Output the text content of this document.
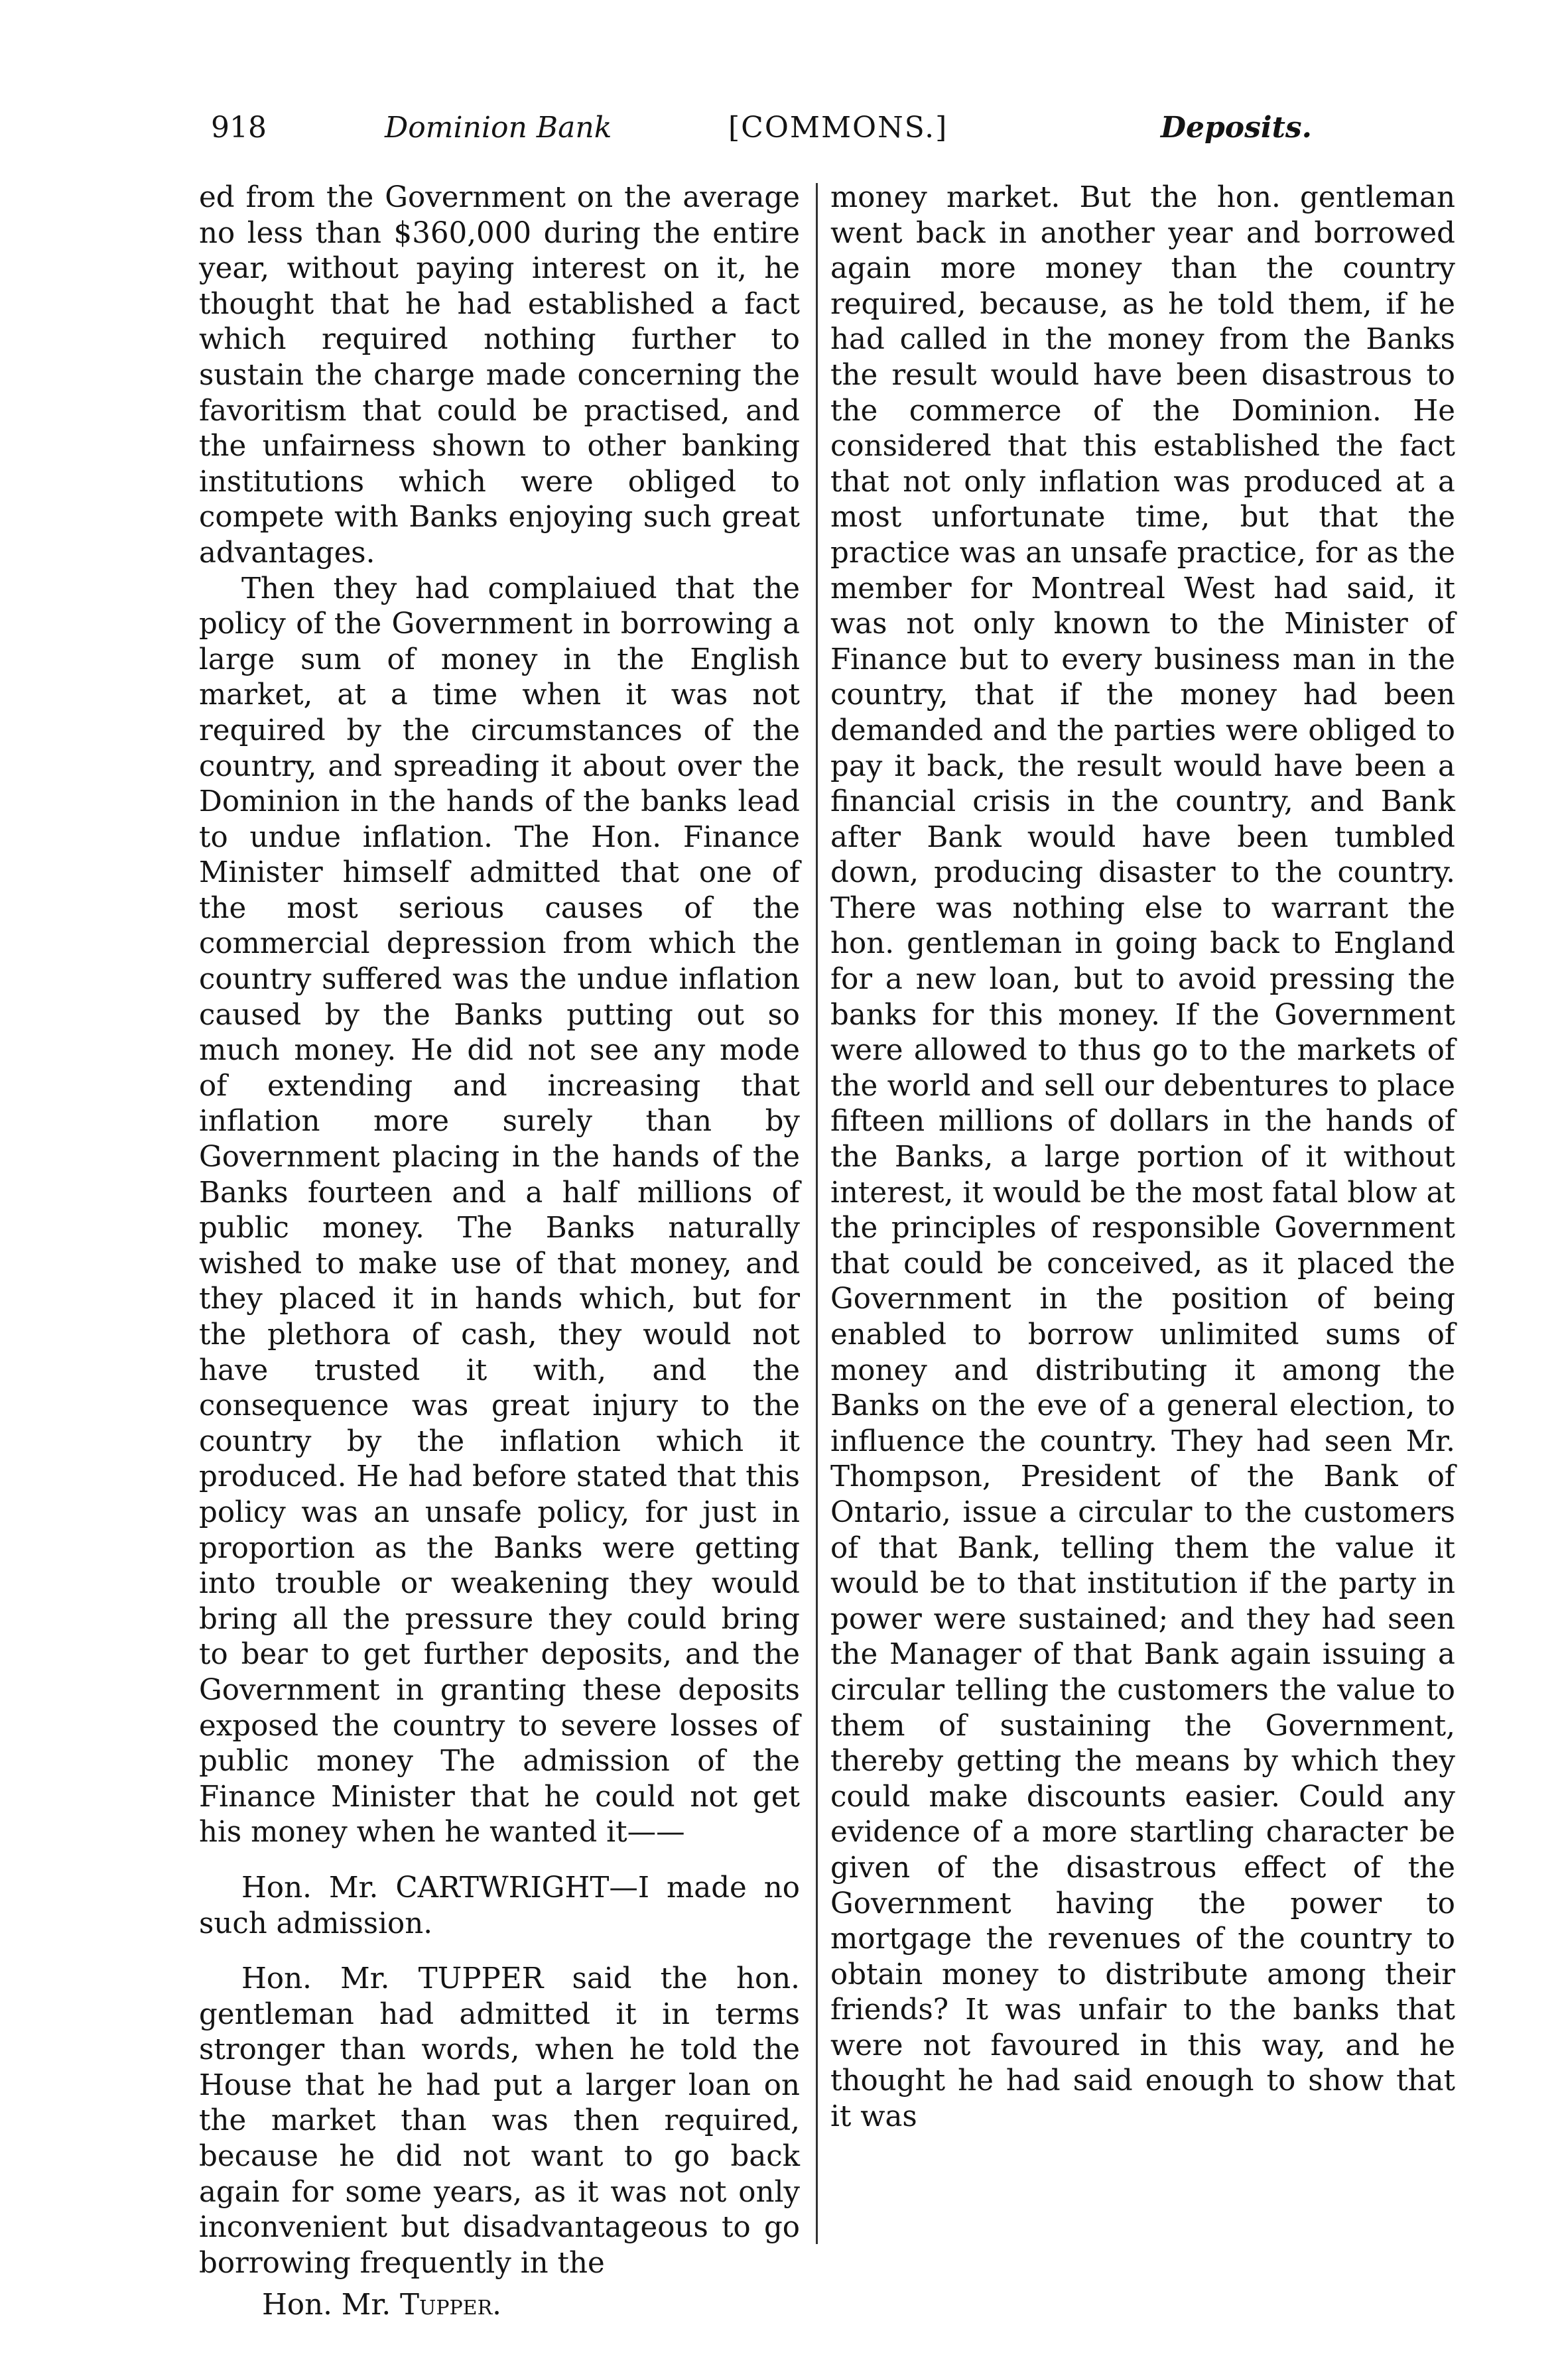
918	Dominion Bank	[COMMONS.]	Deposits.

ed from the Government on the average no less than $360,000 during the entire year, without paying interest on it, he thought that he had established a fact which required nothing further to sustain the charge made concerning the favoritism that could be practised, and the unfairness shown to other banking institutions which were obliged to compete with Banks enjoying such great advantages.

Then they had complaiued that the policy of the Government in borrowing a large sum of money in the English market, at a time when it was not required by the circumstances of the country, and spreading it about over the Dominion in the hands of the banks lead to undue inflation. The Hon. Finance Minister himself admitted that one of the most serious causes of the commercial depression from which the country suffered was the undue inflation caused by the Banks putting out so much money. He did not see any mode of extending and increasing that inflation more surely than by Government placing in the hands of the Banks fourteen and a half millions of public money. The Banks naturally wished to make use of that money, and they placed it in hands which, but for the plethora of cash, they would not have trusted it with, and the consequence was great injury to the country by the inflation which it produced. He had before stated that this policy was an unsafe policy, for just in proportion as the Banks were getting into trouble or weakening they would bring all the pressure they could bring to bear to get further deposits, and the Government in granting these deposits exposed the country to severe losses of public money The admission of the Finance Minister that he could not get his money when he wanted it——

Hon. Mr. CARTWRIGHT—I made no such admission.

Hon. Mr. TUPPER said the hon. gentleman had admitted it in terms stronger than words, when he told the House that he had put a larger loan on the market than was then required, because he did not want to go back again for some years, as it was not only inconvenient but disadvantageous to go borrowing frequently in the

money market. But the hon. gentleman went back in another year and borrowed again more money than the country required, because, as he told them, if he had called in the money from the Banks the result would have been disastrous to the commerce of the Dominion. He considered that this established the fact that not only inflation was produced at a most unfortunate time, but that the practice was an unsafe practice, for as the member for Montreal West had said, it was not only known to the Minister of Finance but to every business man in the country, that if the money had been demanded and the parties were obliged to pay it back, the result would have been a financial crisis in the country, and Bank after Bank would have been tumbled down, producing disaster to the country. There was nothing else to warrant the hon. gentleman in going back to England for a new loan, but to avoid pressing the banks for this money. If the Government were allowed to thus go to the markets of the world and sell our debentures to place fifteen millions of dollars in the hands of the Banks, a large portion of it without interest, it would be the most fatal blow at the principles of responsible Government that could be conceived, as it placed the Government in the position of being enabled to borrow unlimited sums of money and distributing it among the Banks on the eve of a general election, to influence the country. They had seen Mr. Thompson, President of the Bank of Ontario, issue a circular to the customers of that Bank, telling them the value it would be to that institution if the party in power were sustained; and they had seen the Manager of that Bank again issuing a circular telling the customers the value to them of sustaining the Government, thereby getting the means by which they could make discounts easier. Could any evidence of a more startling character be given of the disastrous effect of the Government having the power to mortgage the revenues of the country to obtain money to distribute among their friends? It was unfair to the banks that were not favoured in this way, and he thought he had said enough to show that it was

Hon. Mr. Tupper.
